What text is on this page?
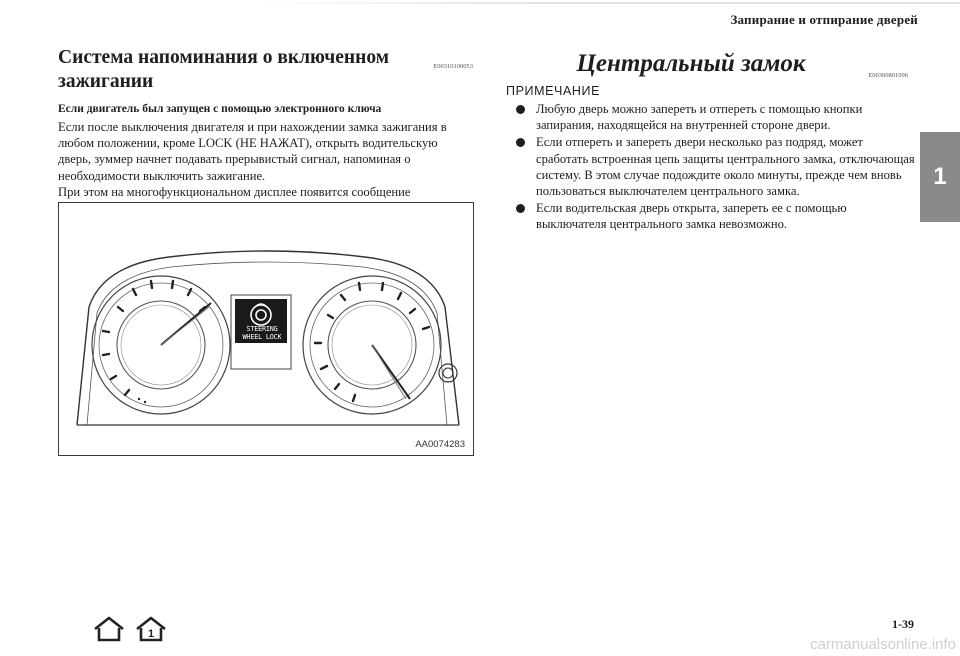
Запирание и отпирание дверей
1
Система напоминания о включенном зажигании
E00310100053
Если двигатель был запущен с помощью электронного ключа

Если после выключения двигателя и при нахождении замка зажигания в любом положении, кроме LOCK (НЕ НАЖАТ), открыть водительскую дверь, зуммер начнет подавать прерывистый сигнал, напоминая о необходимости выключить зажигание.

При этом на многофункциональном дисплее появится сообщение

AA0074283
STEERING
WHEEL LOCK
Центральный замок	E00300801096
ПРИМЕЧАНИЕ
Любую дверь можно запереть и отпереть с помощью кнопки запирания, находящейся на внутренней стороне двери.
Если отпереть и запереть двери несколько раз подряд, может сработать встроенная цепь защиты центрального замка, отключающая систему. В этом случае подождите около минуты, прежде чем вновь пользоваться выключателем центрального замка.
Если водительская дверь открыта, запереть ее с помощью выключателя центрального замка невозможно.
1
1-39
carmanualsonline.info
